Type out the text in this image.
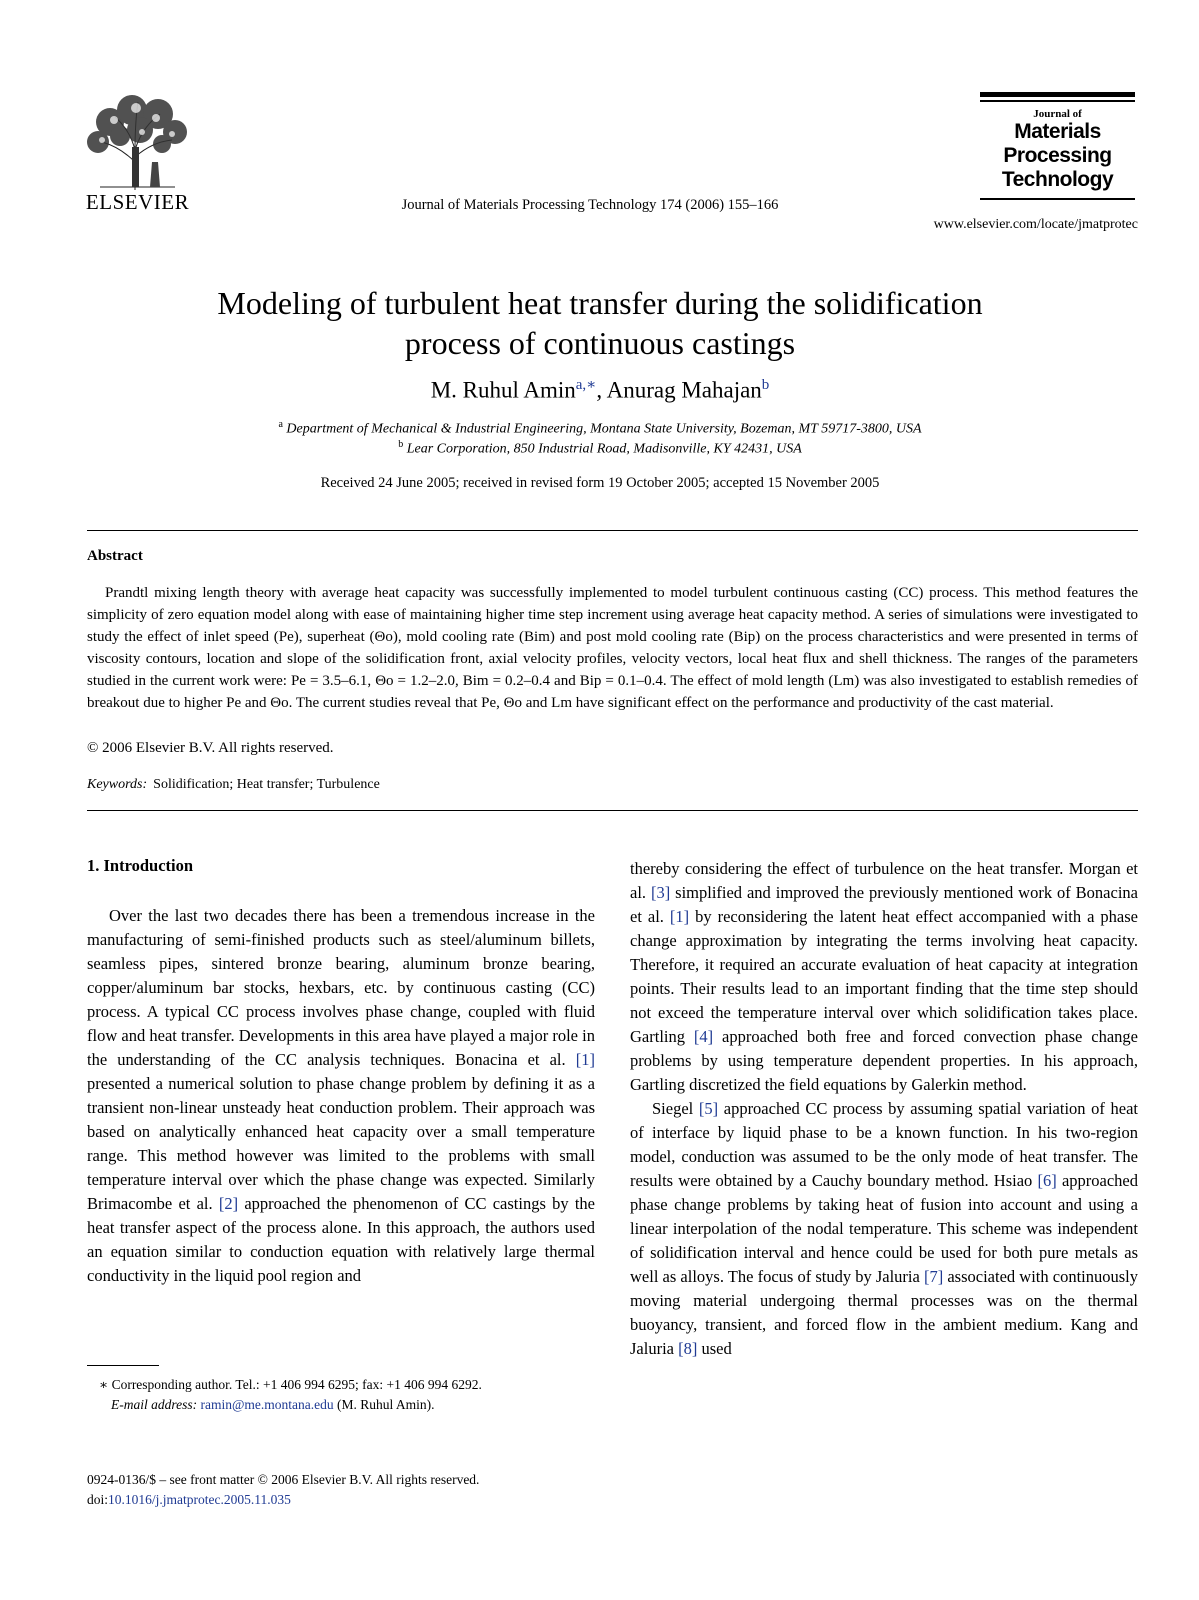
ELSEVIER	Journal of Materials Processing Technology 174 (2006) 155–166
Journal of
Materials
Processing
Technology
www.elsevier.com/locate/jmatprotec
Modeling of turbulent heat transfer during the solidification
process of continuous castings
M. Ruhul Amin$^{a,∗}$, Anurag Mahajan$^b$
$^a$ Department of Mechanical & Industrial Engineering, Montana State University, Bozeman, MT 59717-3800, USA
$^b$ Lear Corporation, 850 Industrial Road, Madisonville, KY 42431, USA
Received 24 June 2005; received in revised form 19 October 2005; accepted 15 November 2005
Abstract

Prandtl mixing length theory with average heat capacity was successfully implemented to model turbulent continuous casting (CC) process. This method features the simplicity of zero equation model along with ease of maintaining higher time step increment using average heat capacity method. A series of simulations were investigated to study the effect of inlet speed (Pe), superheat (Θo), mold cooling rate (Bim) and post mold cooling rate (Bip) on the process characteristics and were presented in terms of viscosity contours, location and slope of the solidification front, axial velocity profiles, velocity vectors, local heat flux and shell thickness. The ranges of the parameters studied in the current work were: Pe = 3.5–6.1, Θo = 1.2–2.0, Bim = 0.2–0.4 and Bip = 0.1–0.4. The effect of mold length (Lm) was also investigated to establish remedies of breakout due to higher Pe and Θo. The current studies reveal that Pe, Θo and Lm have significant effect on the performance and productivity of the cast material.

© 2006 Elsevier B.V. All rights reserved.
Keywords: Solidification; Heat transfer; Turbulence
1. Introduction

Over the last two decades there has been a tremendous increase in the manufacturing of semi-finished products such as steel/aluminum billets, seamless pipes, sintered bronze bearing, aluminum bronze bearing, copper/aluminum bar stocks, hexbars, etc. by continuous casting (CC) process. A typical CC process involves phase change, coupled with fluid flow and heat transfer. Developments in this area have played a major role in the understanding of the CC analysis techniques. Bonacina et al. [1] presented a numerical solution to phase change problem by defining it as a transient non-linear unsteady heat conduction problem. Their approach was based on analytically enhanced heat capacity over a small temperature range. This method however was limited to the problems with small temperature interval over which the phase change was expected. Similarly Brimacombe et al. [2] approached the phenomenon of CC castings by the heat transfer aspect of the process alone. In this approach, the authors used an equation similar to conduction equation with relatively large thermal conductivity in the liquid pool region and

thereby considering the effect of turbulence on the heat transfer. Morgan et al. [3] simplified and improved the previously mentioned work of Bonacina et al. [1] by reconsidering the latent heat effect accompanied with a phase change approximation by integrating the terms involving heat capacity. Therefore, it required an accurate evaluation of heat capacity at integration points. Their results lead to an important finding that the time step should not exceed the temperature interval over which solidification takes place. Gartling [4] approached both free and forced convection phase change problems by using temperature dependent properties. In his approach, Gartling discretized the field equations by Galerkin method.

Siegel [5] approached CC process by assuming spatial variation of heat of interface by liquid phase to be a known function. In his two-region model, conduction was assumed to be the only mode of heat transfer. The results were obtained by a Cauchy boundary method. Hsiao [6] approached phase change problems by taking heat of fusion into account and using a linear interpolation of the nodal temperature. This scheme was independent of solidification interval and hence could be used for both pure metals as well as alloys. The focus of study by Jaluria [7] associated with continuously moving material undergoing thermal processes was on the thermal buoyancy, transient, and forced flow in the ambient medium. Kang and Jaluria [8] used

∗ Corresponding author. Tel.: +1 406 994 6295; fax: +1 406 994 6292.
E-mail address: ramin@me.montana.edu (M. Ruhul Amin).
0924-0136/$ – see front matter © 2006 Elsevier B.V. All rights reserved.
doi:10.1016/j.jmatprotec.2005.11.035
